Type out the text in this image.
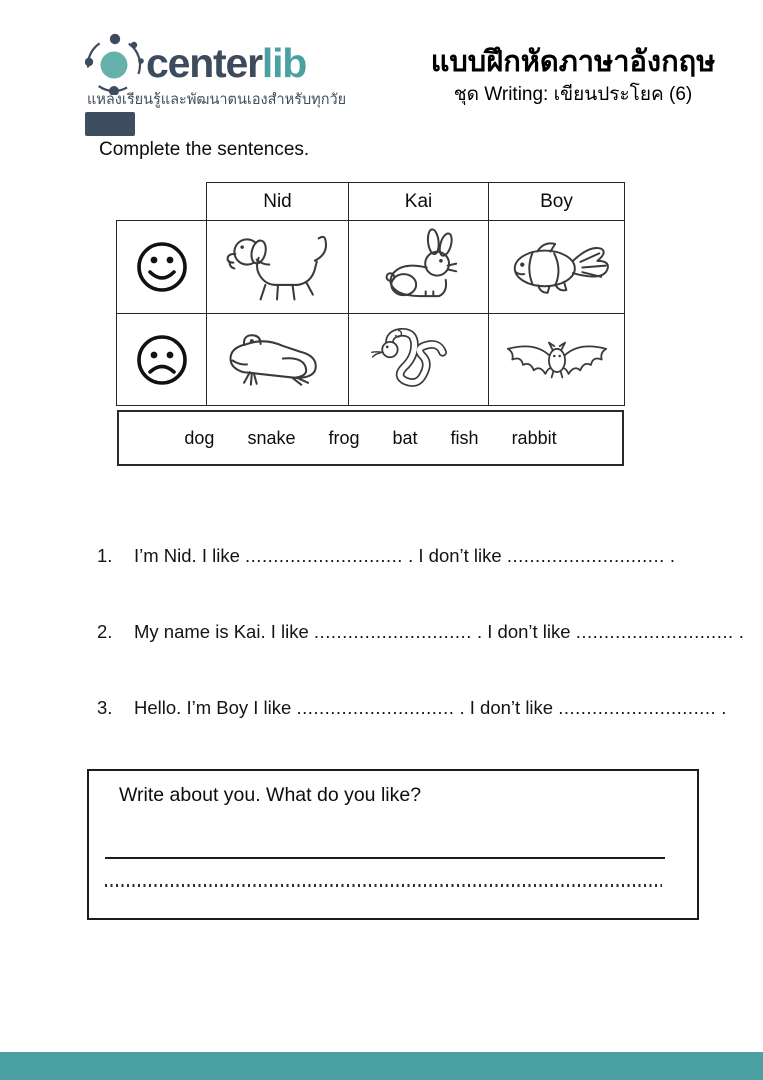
centerlib
แหล่งเรียนรู้และพัฒนาตนเองสำหรับทุกวัย
แบบฝึกหัดภาษาอังกฤษ
ชุด Writing: เขียนประโยค (6)
Complete the sentences.
Nid	Kai	Boy
dog snake frog bat fish rabbit
1. I’m Nid. I like ............................ . I don’t like ............................ .
2. My name is Kai. I like ............................ . I don’t like ............................ .
3. Hello. I’m Boy I like ............................ . I don’t like ............................ .
Write about you. What do you like?
